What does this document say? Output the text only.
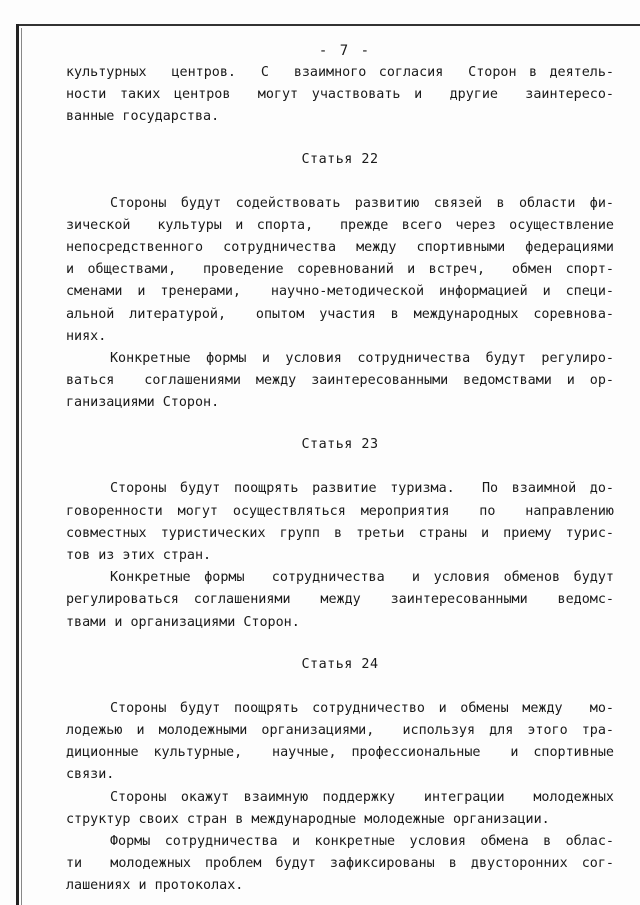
- 7 -
культурных  центров.  С  взаимного согласия  Сторон в деятель-
ности таких центров  могут участвовать и  другие  заинтересо-
ванные государства.
Статья 22
Стороны будут содействовать развитию связей в области фи-
зической  культуры и спорта,  прежде всего через осуществление
непосредственного сотрудничества между спортивными федерациями
и обществами,  проведение соревнований и встреч,  обмен спорт-
сменами и тренерами,  научно-методической информацией и специ-
альной литературой,  опытом участия в международных соревнова-
ниях.
Конкретные формы и условия сотрудничества будут регулиро-
ваться  соглашениями между заинтересованными ведомствами и ор-
ганизациями Сторон.
Статья 23
Стороны будут поощрять развитие туризма.  По взаимной до-
говоренности могут осуществляться мероприятия  по  направлению
совместных туристических групп в третьи страны и приему турис-
тов из этих стран.
Конкретные формы  сотрудничества  и условия обменов будут
регулироваться соглашениями  между  заинтересованными  ведомс-
твами и организациями Сторон.
Статья 24
Стороны будут поощрять сотрудничество и обмены между  мо-
лодежью и молодежными организациями,  используя для этого тра-
диционные культурные,  научные, профессиональные  и спортивные
связи.
Стороны окажут взаимную поддержку  интеграции  молодежных
структур своих стран в международные молодежные организации.
Формы сотрудничества и конкретные условия обмена в облас-
ти  молодежных проблем будут зафиксированы в двусторонних сог-
лашениях и протоколах.
